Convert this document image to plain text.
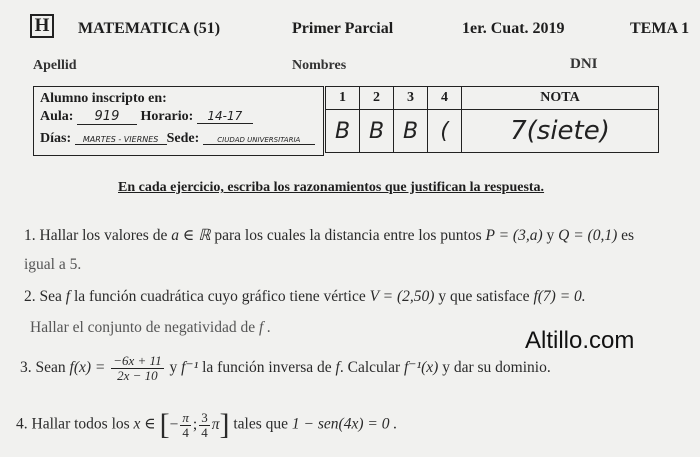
H MATEMATICA (51)	Primer Parcial	1er. Cuat. 2019	TEMA 1
Apellid	Nombres	DNI
Alumno inscripto en:
Aula: 919 Horario: 14-17
Días: MARTES - VIERNES Sede:	CIUDAD UNIVERSITARIA
1	2	3	4	NOTA
B	B	B	(	7(siete)
En cada ejercicio, escriba los razonamientos que justifican la respuesta.
1. Hallar los valores de a ∈ ℝ para los cuales la distancia entre los puntos P = (3,a) y Q = (0,1) es
igual a 5.
2. Sea f la función cuadrática cuyo gráfico tiene vértice V = (2,50) y que satisface f(7) = 0.
Hallar el conjunto de negatividad de f .	Altillo.com
3. Sean $f(x) = \frac{-6x + 11}{2x - 10}$ y f⁻¹ la función inversa de f. Calcular f⁻¹(x) y dar su dominio.
4. Hallar todos los x ∈ [− $\frac{\pi}{4}$ ; $\frac{3}{4} \pi$] tales que 1 − sen(4x) = 0 .
